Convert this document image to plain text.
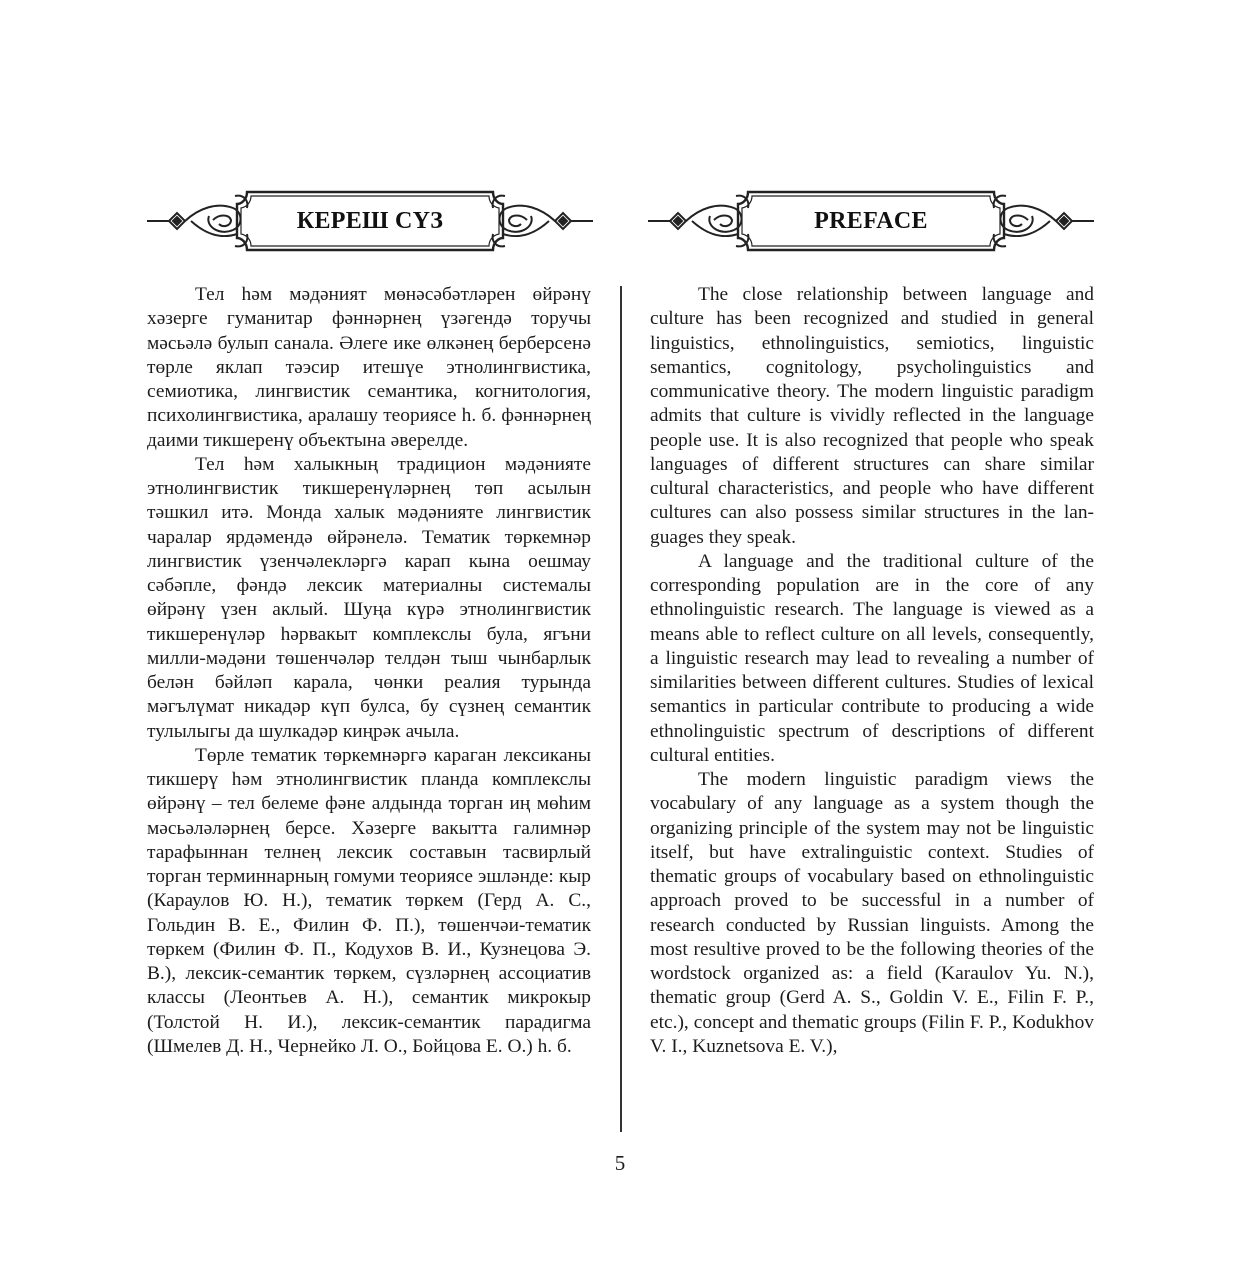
КЕРЕШ СҮЗ	PREFACE

Тел һәм мәдәният мөнәсәбәтләрен өйрәнү хәзерге гуманитар фәннәрнең үзәгендә торучы мәсьәлә булып санала. Әлеге ике өлкәнең берберсенә төрле яклап тәэсир итешүе этнолингвистика, семиотика, лингвистик семантика, когнитология, психолингвистика, аралашу теориясе һ. б. фәннәрнең даими тикшеренү объектына әверелде.

Тел һәм халыкның традицион мәдәнияте этнолингвистик тикшеренүләрнең төп асылын тәшкил итә. Монда халык мәдәнияте лингвистик чаралар ярдәмендә өйрәнелә. Тематик төркемнәр лингвистик үзенчәлекләргә карап кына оешмау сәбәпле, фәндә лексик материалны системалы өйрәнү үзен аклый. Шуңа күрә этнолингвистик тикшеренүләр һәрвакыт комплекслы була, ягъни милли-мәдәни төшенчәләр телдән тыш чынбарлык белән бәйләп карала, чөнки реалия турында мәгълүмат никадәр күп булса, бу сүзнең семантик тулылыгы да шулкадәр киңрәк ачыла.

Төрле тематик төркемнәргә караган лексиканы тикшерү һәм этнолингвистик планда комплекслы өйрәнү – тел белеме фәне алдында торган иң мөһим мәсьәләләрнең берсе. Хәзерге вакытта галимнәр тарафыннан телнең лексик составын тасвирлый торган терминнарның гомуми теориясе эшләнде: кыр (Караулов Ю. Н.), тематик төркем (Герд А. С., Гольдин В. Е., Филин Ф. П.), төшенчәи-тематик төркем (Филин Ф. П., Кодухов В. И., Кузнецова Э. В.), лексик-семантик төркем, сүзләрнең ассоциатив классы (Леонтьев А. Н.), семантик микрокыр (Толстой Н. И.), лексик-семантик парадигма (Шмелев Д. Н., Чернейко Л. О., Бойцова Е. О.) һ. б.

The close relationship between language and culture has been recognized and studied in general linguistics, ethnolinguistics, semiotics, linguistic semantics, cognitology, psycholinguistics and communicative theory. The modern linguistic paradigm admits that culture is vividly reflected in the language people use. It is also recognized that people who speak languages of different structures can share similar cultural characteristics, and people who have different cultures can also possess similar structures in the languages they speak.

A language and the traditional culture of the corresponding population are in the core of any ethnolinguistic research. The language is viewed as a means able to reflect culture on all levels, consequently, a linguistic research may lead to revealing a number of similarities between different cultures. Studies of lexical semantics in particular contribute to producing a wide ethnolinguistic spectrum of descriptions of different cultural entities.

The modern linguistic paradigm views the vocabulary of any language as a system though the organizing principle of the system may not be linguistic itself, but have extralinguistic context. Studies of thematic groups of vocabulary based on ethnolinguistic approach proved to be successful in a number of research conducted by Russian linguists. Among the most resultive proved to be the following theories of the wordstock organized as: a field (Karaulov Yu. N.), thematic group (Gerd A. S., Goldin V. E., Filin F. P., etc.), concept and thematic groups (Filin F. P., Kodukhov V. I., Kuznetsova E. V.),

5
